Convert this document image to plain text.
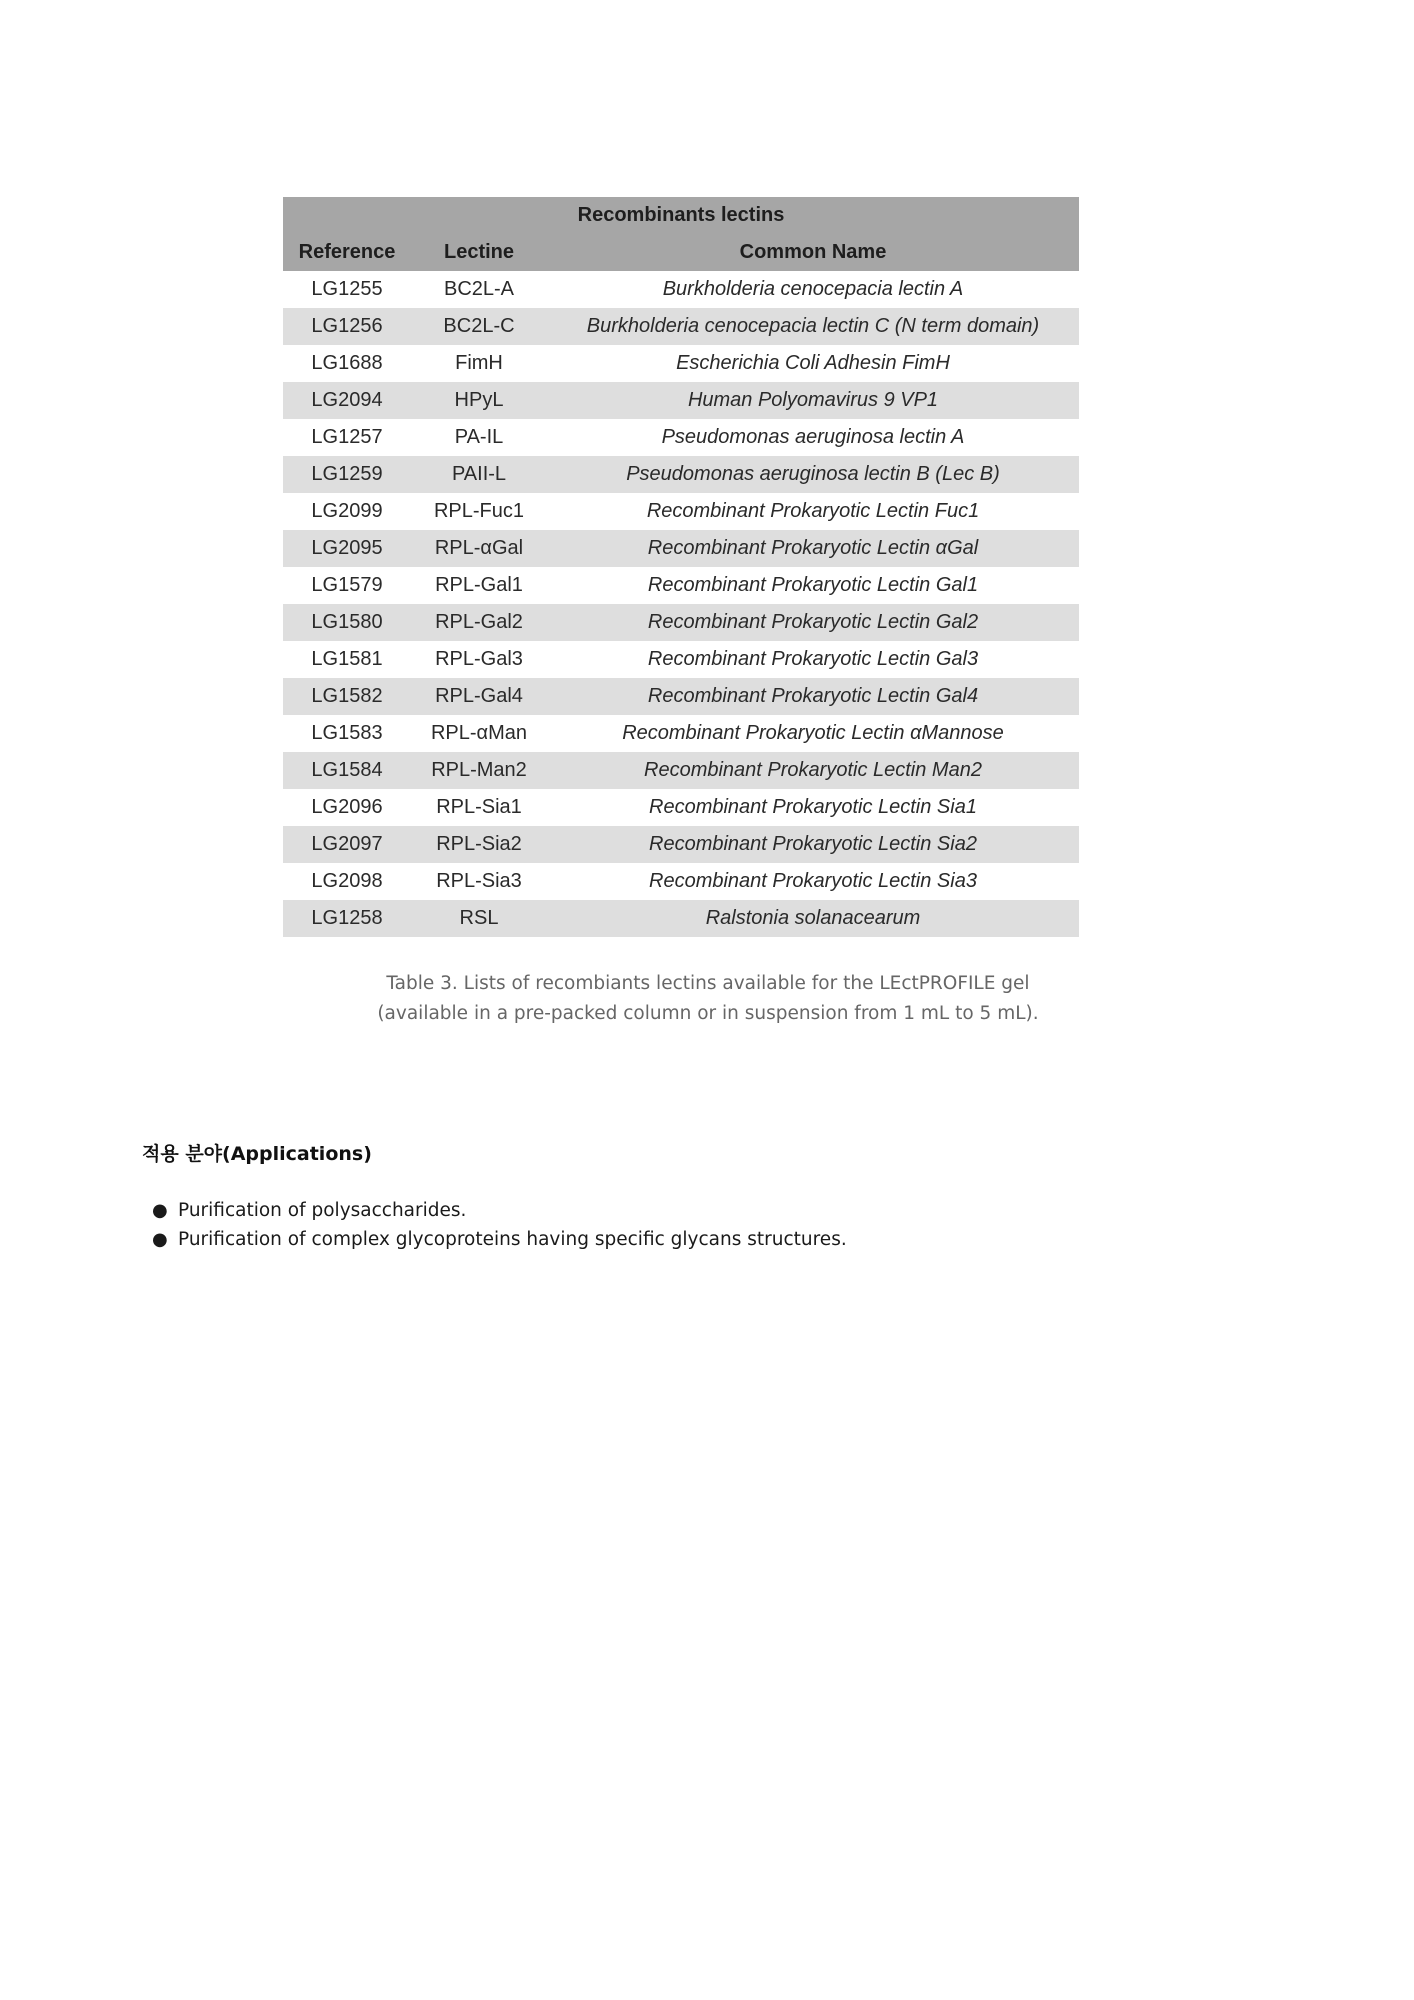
Recombinants lectins		
Reference	Lectine	Common Name
LG1255	BC2L-A	Burkholderia cenocepacia lectin A
LG1256	BC2L-C	Burkholderia cenocepacia lectin C (N term domain)
LG1688	FimH	Escherichia Coli Adhesin FimH
LG2094	HPyL	Human Polyomavirus 9 VP1
LG1257	PA-IL	Pseudomonas aeruginosa lectin A
LG1259	PAII-L	Pseudomonas aeruginosa lectin B (Lec B)
LG2099	RPL-Fuc1	Recombinant Prokaryotic Lectin Fuc1
LG2095	RPL-αGal	Recombinant Prokaryotic Lectin αGal
LG1579	RPL-Gal1	Recombinant Prokaryotic Lectin Gal1
LG1580	RPL-Gal2	Recombinant Prokaryotic Lectin Gal2
LG1581	RPL-Gal3	Recombinant Prokaryotic Lectin Gal3
LG1582	RPL-Gal4	Recombinant Prokaryotic Lectin Gal4
LG1583	RPL-αMan	Recombinant Prokaryotic Lectin αMannose
LG1584	RPL-Man2	Recombinant Prokaryotic Lectin Man2
LG2096	RPL-Sia1	Recombinant Prokaryotic Lectin Sia1
LG2097	RPL-Sia2	Recombinant Prokaryotic Lectin Sia2
LG2098	RPL-Sia3	Recombinant Prokaryotic Lectin Sia3
LG1258	RSL	Ralstonia solanacearum
Table 3. Lists of recombiants lectins available for the LEctPROFILE gel
(available in a pre-packed column or in suspension from 1 mL to 5 mL).
적용 분야(Applications)
● Purification of polysaccharides.
● Purification of complex glycoproteins having specific glycans structures.
